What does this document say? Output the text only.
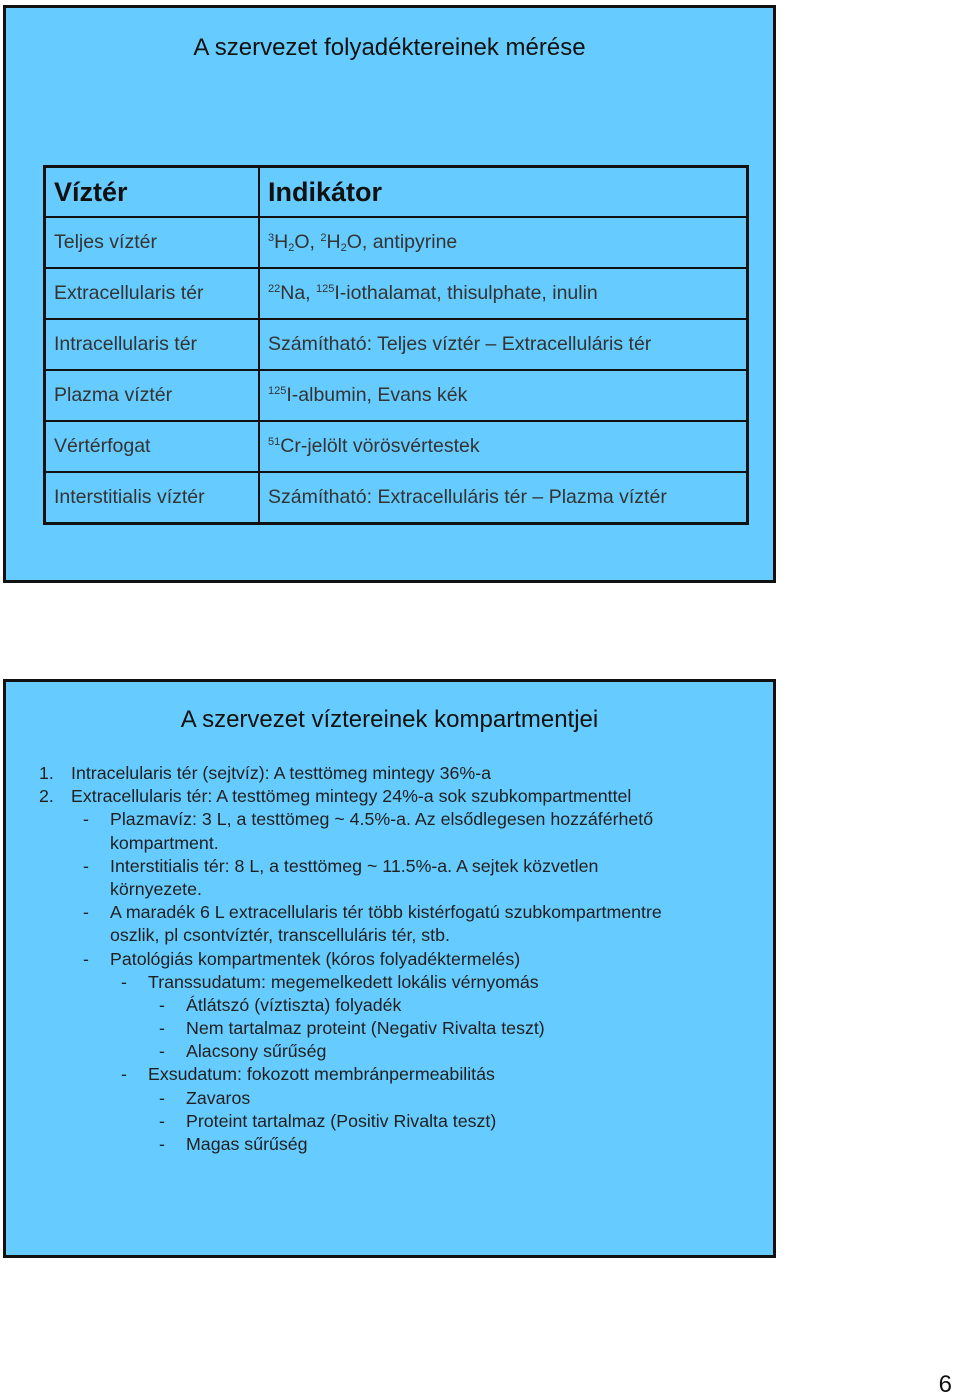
A szervezet folyadéktereinek mérése
Víztér	Indikátor
Teljes víztér	$^3H_2O$, $^2H_2O$, antipyrine
Extracellularis tér	$^{22}$Na, $^{125}$I-iothalamat, thisulphate, inulin
Intracellularis tér	Számítható: Teljes víztér – Extracelluláris tér
Plazma víztér	$^{125}$I-albumin, Evans kék
Vértérfogat	$^{51}$Cr-jelölt vörösvértestek
Interstitialis víztér	Számítható: Extracelluláris tér – Plazma víztér
A szervezet víztereinek kompartmentjei
1. Intracelularis tér (sejtvíz): A testtömeg mintegy 36%-a
2. Extracellularis tér: A testtömeg mintegy 24%-a sok szubkompartmenttel
- Plazmavíz: 3 L, a testtömeg ~ 4.5%-a. Az elsődlegesen hozzáférhető
kompartment.
- Interstitialis tér: 8 L, a testtömeg ~ 11.5%-a. A sejtek közvetlen
környezete.
- A maradék 6 L extracellularis tér több kistérfogatú szubkompartmentre
oszlik, pl csontvíztér, transcelluláris tér, stb.
- Patológiás kompartmentek (kóros folyadéktermelés)
- Transsudatum: megemelkedett lokális vérnyomás
- Átlátszó (víztiszta) folyadék
- Nem tartalmaz proteint (Negativ Rivalta teszt)
- Alacsony sűrűség
- Exsudatum: fokozott membránpermeabilitás
- Zavaros
- Proteint tartalmaz (Positiv Rivalta teszt)
- Magas sűrűség
6
